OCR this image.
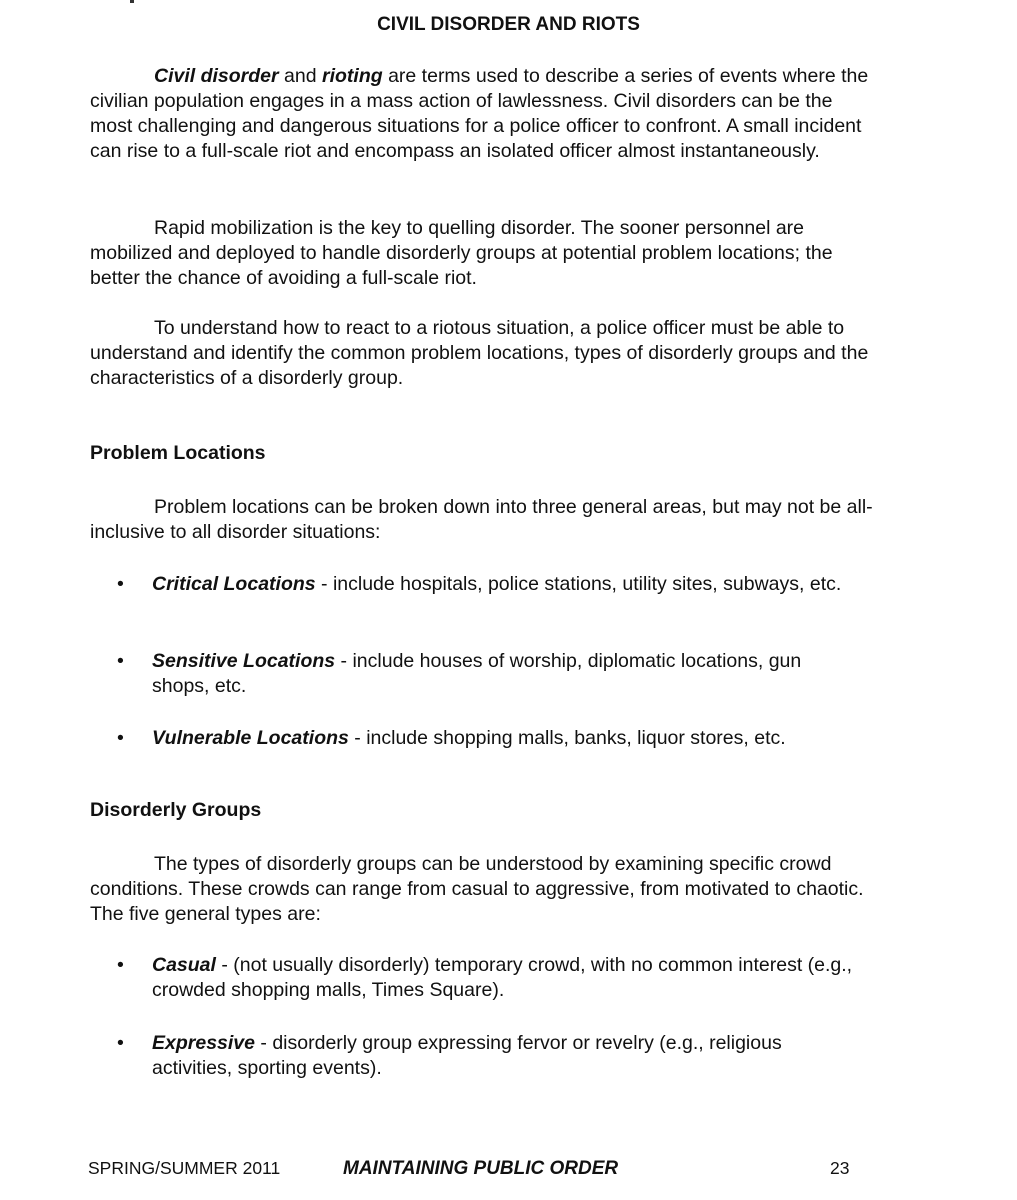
CIVIL DISORDER AND RIOTS

Civil disorder and rioting are terms used to describe a series of events where the civilian population engages in a mass action of lawlessness. Civil disorders can be the most challenging and dangerous situations for a police officer to confront. A small incident can rise to a full-scale riot and encompass an isolated officer almost instantaneously.

Rapid mobilization is the key to quelling disorder. The sooner personnel are mobilized and deployed to handle disorderly groups at potential problem locations; the better the chance of avoiding a full-scale riot.

To understand how to react to a riotous situation, a police officer must be able to understand and identify the common problem locations, types of disorderly groups and the characteristics of a disorderly group.

Problem Locations

Problem locations can be broken down into three general areas, but may not be all-inclusive to all disorder situations:

•	Critical Locations - include hospitals, police stations, utility sites, subways, etc.
•	Sensitive Locations - include houses of worship, diplomatic locations, gun shops, etc.
•	Vulnerable Locations - include shopping malls, banks, liquor stores, etc.
Disorderly Groups

The types of disorderly groups can be understood by examining specific crowd conditions. These crowds can range from casual to aggressive, from motivated to chaotic. The five general types are:

•	Casual - (not usually disorderly) temporary crowd, with no common interest (e.g., crowded shopping malls, Times Square).
•	Expressive - disorderly group expressing fervor or revelry (e.g., religious activities, sporting events).
SPRING/SUMMER 2011	MAINTAINING PUBLIC ORDER	23
